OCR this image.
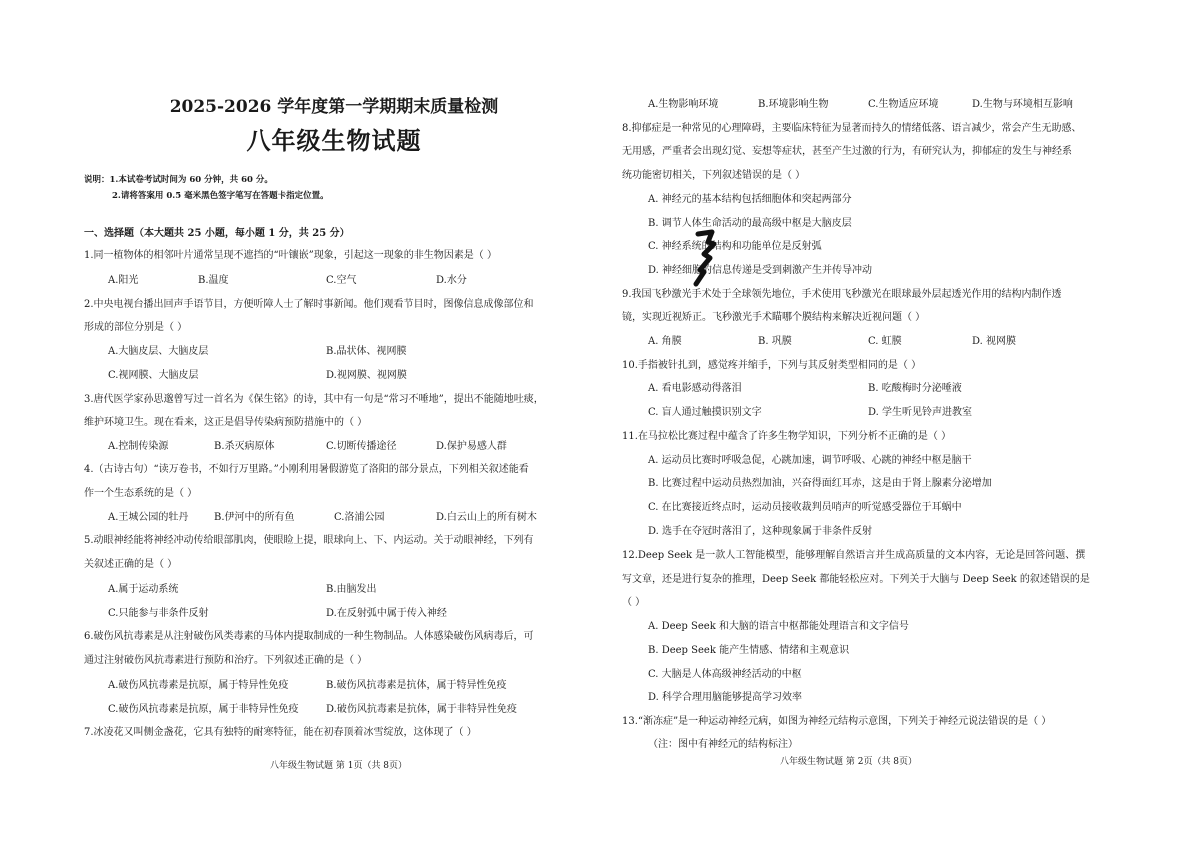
2025-2026 学年度第一学期期末质量检测
八年级生物试题
说明：1.本试卷考试时间为 60 分钟，共 60 分。
2.请将答案用 0.5 毫米黑色签字笔写在答题卡指定位置。
一、选择题（本大题共 25 小题，每小题 1 分，共 25 分）
1.同一植物体的相邻叶片通常呈现不遮挡的“叶镶嵌”现象，引起这一现象的非生物因素是（ ）
A.阳光	B.温度	C.空气	D.水分
2.中央电视台播出回声手语节目，方便听障人士了解时事新闻。他们观看节目时，图像信息成像部位和
形成的部位分别是（ ）
A.大脑皮层、大脑皮层	B.晶状体、视网膜
C.视网膜、大脑皮层	D.视网膜、视网膜
3.唐代医学家孙思邈曾写过一首名为《保生铭》的诗，其中有一句是“常习不唾地”，提出不能随地吐痰，
维护环境卫生。现在看来，这正是倡导传染病预防措施中的（ ）
A.控制传染源	B.杀灭病原体	C.切断传播途径	D.保护易感人群
4.（古诗古句）“读万卷书，不如行万里路。”小刚利用暑假游览了洛阳的部分景点，下列相关叙述能看
作一个生态系统的是（ ）
A.王城公园的牡丹	B.伊河中的所有鱼	C.洛浦公园	D.白云山上的所有树木
5.动眼神经能将神经冲动传给眼部肌肉，使眼睑上提，眼球向上、下、内运动。关于动眼神经，下列有
关叙述正确的是（ ）
A.属于运动系统	B.由脑发出
C.只能参与非条件反射	D.在反射弧中属于传入神经
6.破伤风抗毒素是从注射破伤风类毒素的马体内提取制成的一种生物制品。人体感染破伤风病毒后，可
通过注射破伤风抗毒素进行预防和治疗。下列叙述正确的是（ ）
A.破伤风抗毒素是抗原，属于特异性免疫	B.破伤风抗毒素是抗体，属于特异性免疫
C.破伤风抗毒素是抗原，属于非特异性免疫	D.破伤风抗毒素是抗体，属于非特异性免疫
7.冰凌花又叫侧金盏花，它具有独特的耐寒特征，能在初春顶着冰雪绽放，这体现了（ ）
八年级生物试题 第 1页（共 8页）
A.生物影响环境	B.环境影响生物	C.生物适应环境	D.生物与环境相互影响
8.抑郁症是一种常见的心理障碍，主要临床特征为显著而持久的情绪低落、语言减少，常会产生无助感、
无用感，严重者会出现幻觉、妄想等症状，甚至产生过激的行为，有研究认为，抑郁症的发生与神经系
统功能密切相关，下列叙述错误的是（ ）
A. 神经元的基本结构包括细胞体和突起两部分
B. 调节人体生命活动的最高级中枢是大脑皮层
C. 神经系统的结构和功能单位是反射弧
D. 神经细胞的信息传递是受到刺激产生并传导冲动
9.我国飞秒激光手术处于全球领先地位，手术使用飞秒激光在眼球最外层起透光作用的结构内制作透
镜，实现近视矫正。飞秒激光手术瞄哪个膜结构来解决近视问题（ ）
A. 角膜	B. 巩膜	C. 虹膜	D. 视网膜
10.手指被针扎到，感觉疼并缩手，下列与其反射类型相同的是（ ）
A. 看电影感动得落泪	B. 吃酸梅时分泌唾液
C. 盲人通过触摸识别文字	D. 学生听见铃声进教室
11.在马拉松比赛过程中蕴含了许多生物学知识，下列分析不正确的是（ ）
A. 运动员比赛时呼吸急促，心跳加速，调节呼吸、心跳的神经中枢是脑干
B. 比赛过程中运动员热烈加油，兴奋得面红耳赤，这是由于肾上腺素分泌增加
C. 在比赛接近终点时，运动员接收裁判员哨声的听觉感受器位于耳蜗中
D. 选手在夺冠时落泪了，这种现象属于非条件反射
12.Deep Seek 是一款人工智能模型，能够理解自然语言并生成高质量的文本内容，无论是回答问题、撰
写文章，还是进行复杂的推理，Deep Seek 都能轻松应对。下列关于大脑与 Deep Seek 的叙述错误的是
（ ）
A. Deep Seek 和大脑的语言中枢都能处理语言和文字信号
B. Deep Seek 能产生情感、情绪和主观意识
C. 大脑是人体高级神经活动的中枢
D. 科学合理用脑能够提高学习效率
13.“渐冻症”是一种运动神经元病，如图为神经元结构示意图，下列关于神经元说法错误的是（ ）
（注：图中有神经元的结构标注）
八年级生物试题 第 2页（共 8页）
